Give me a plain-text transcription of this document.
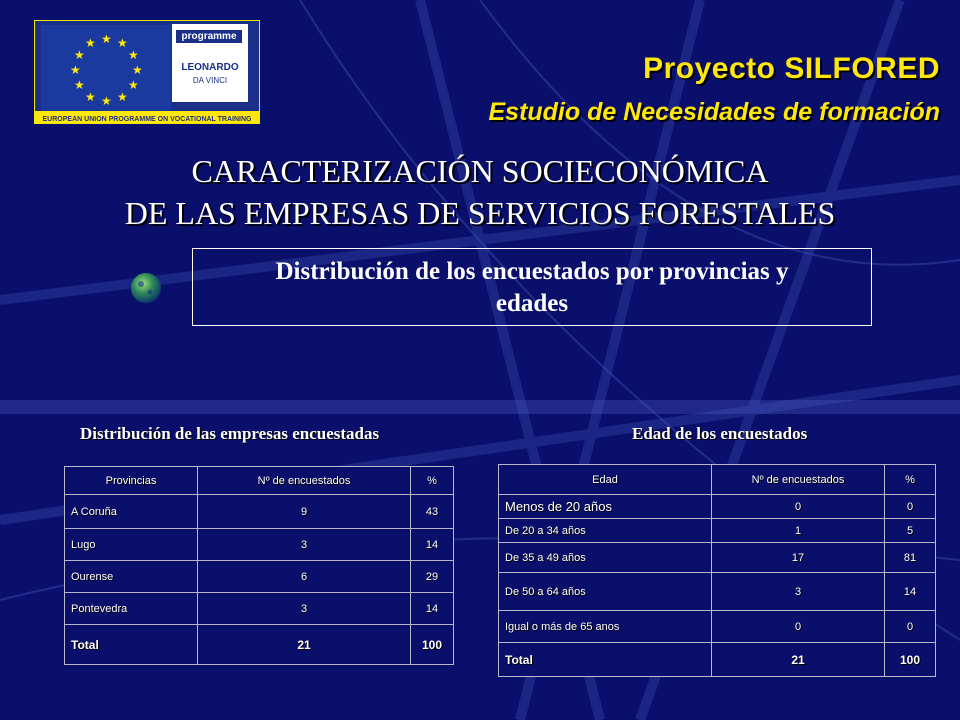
★ ★
★
★
★
★
★
★
★
★
★
★
EUROPEAN UNION PROGRAMME ON VOCATIONAL TRAINING
programme
LEONARDO
DA VINCI	Proyecto SILFORED
Estudio de Necesidades de formación
CARACTERIZACIÓN SOCIECONÓMICA
DE LAS EMPRESAS DE SERVICIOS FORESTALES
Distribución de los encuestados por provincias y
edades
Distribución de las empresas encuestadas	Edad de los encuestados
Provincias	Nº de encuestados	%
A Coruña	9	43
Lugo	3	14
Ourense	6	29
Pontevedra	3	14
Total	21	100
Edad	Nº de encuestados	%
Menos de 20 años	0	0
De 20 a 34 años	1	5
De 35 a 49 años	17	81
De 50 a 64 años	3	14
Igual o más de 65 anos	0	0
Total	21	100
